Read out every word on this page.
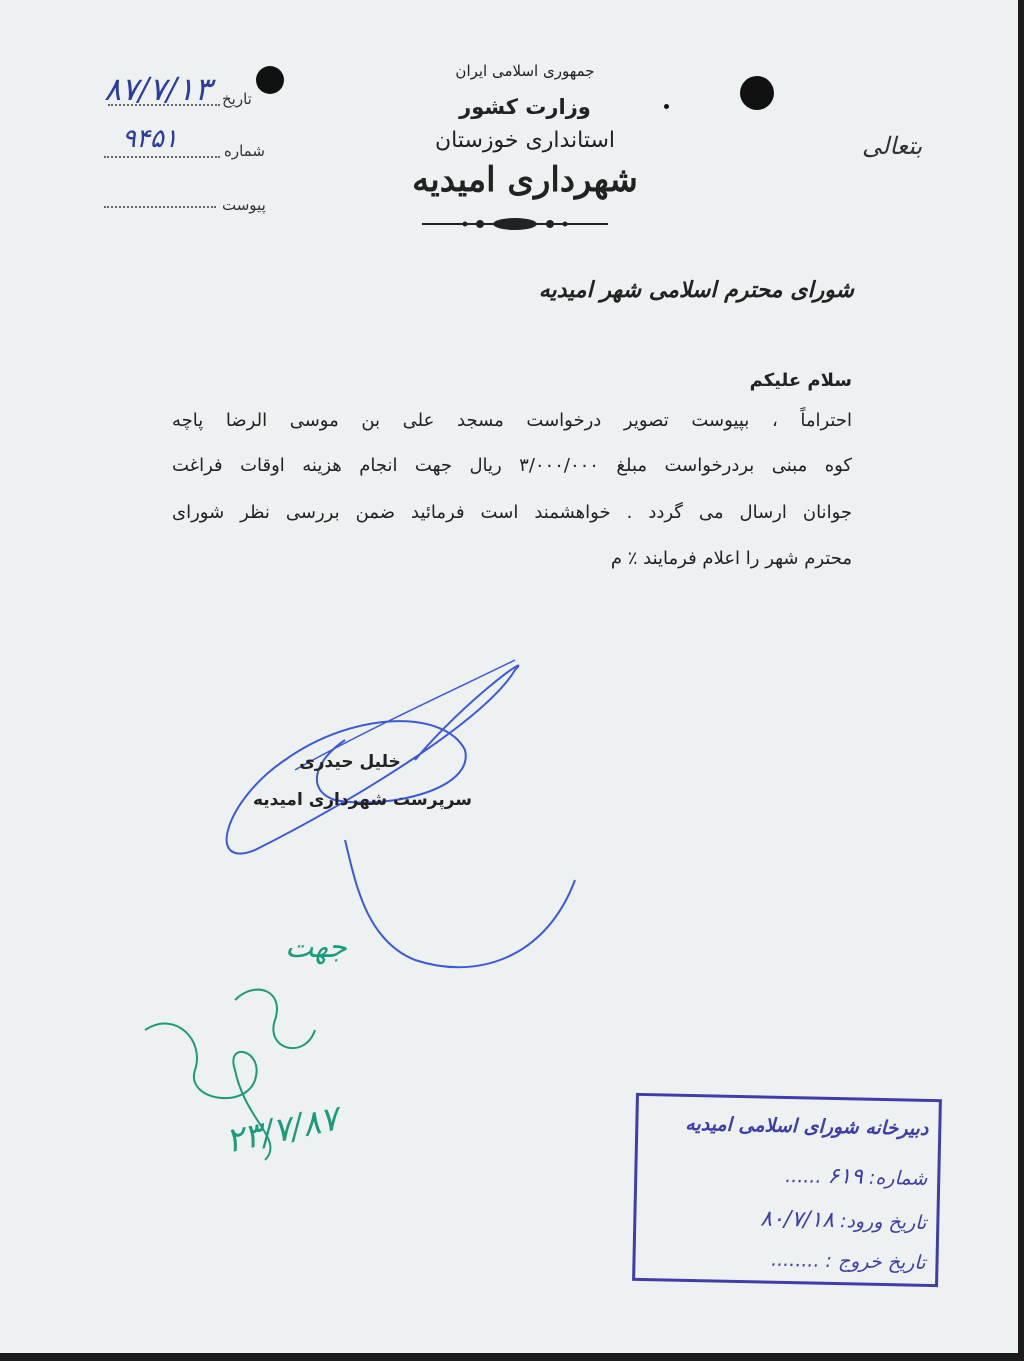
جمهوری اسلامی ایران
وزارت کشور
استانداری خوزستان
شهرداری امیدیه
بتعالی
تاریخ
۸۷/۷/۱۳
شماره
۹۴۵۱
پیوست
شورای محترم اسلامی شهر امیدیه
سلام علیکم
احتراماً ، بپیوست تصویر درخواست مسجد علی بن موسی الرضا پاچه
کوه مبنی بردرخواست مبلغ ۳/۰۰۰/۰۰۰ ریال جهت انجام هزینه اوقات فراغت
جوانان ارسال می گردد . خواهشمند است فرمائید ضمن بررسی نظر شورای
محترم شهر را اعلام فرمایند ٪ م
خلیل حیدری
سرپرست شهرداری امیدیه
جهت
۲۳/۷/۸۷	دبیرخانه شورای اسلامی امیدیه
شماره: ۶۱۹ ......
تاریخ ورود: ۸۰/۷/۱۸
تاریخ خروج : ........
